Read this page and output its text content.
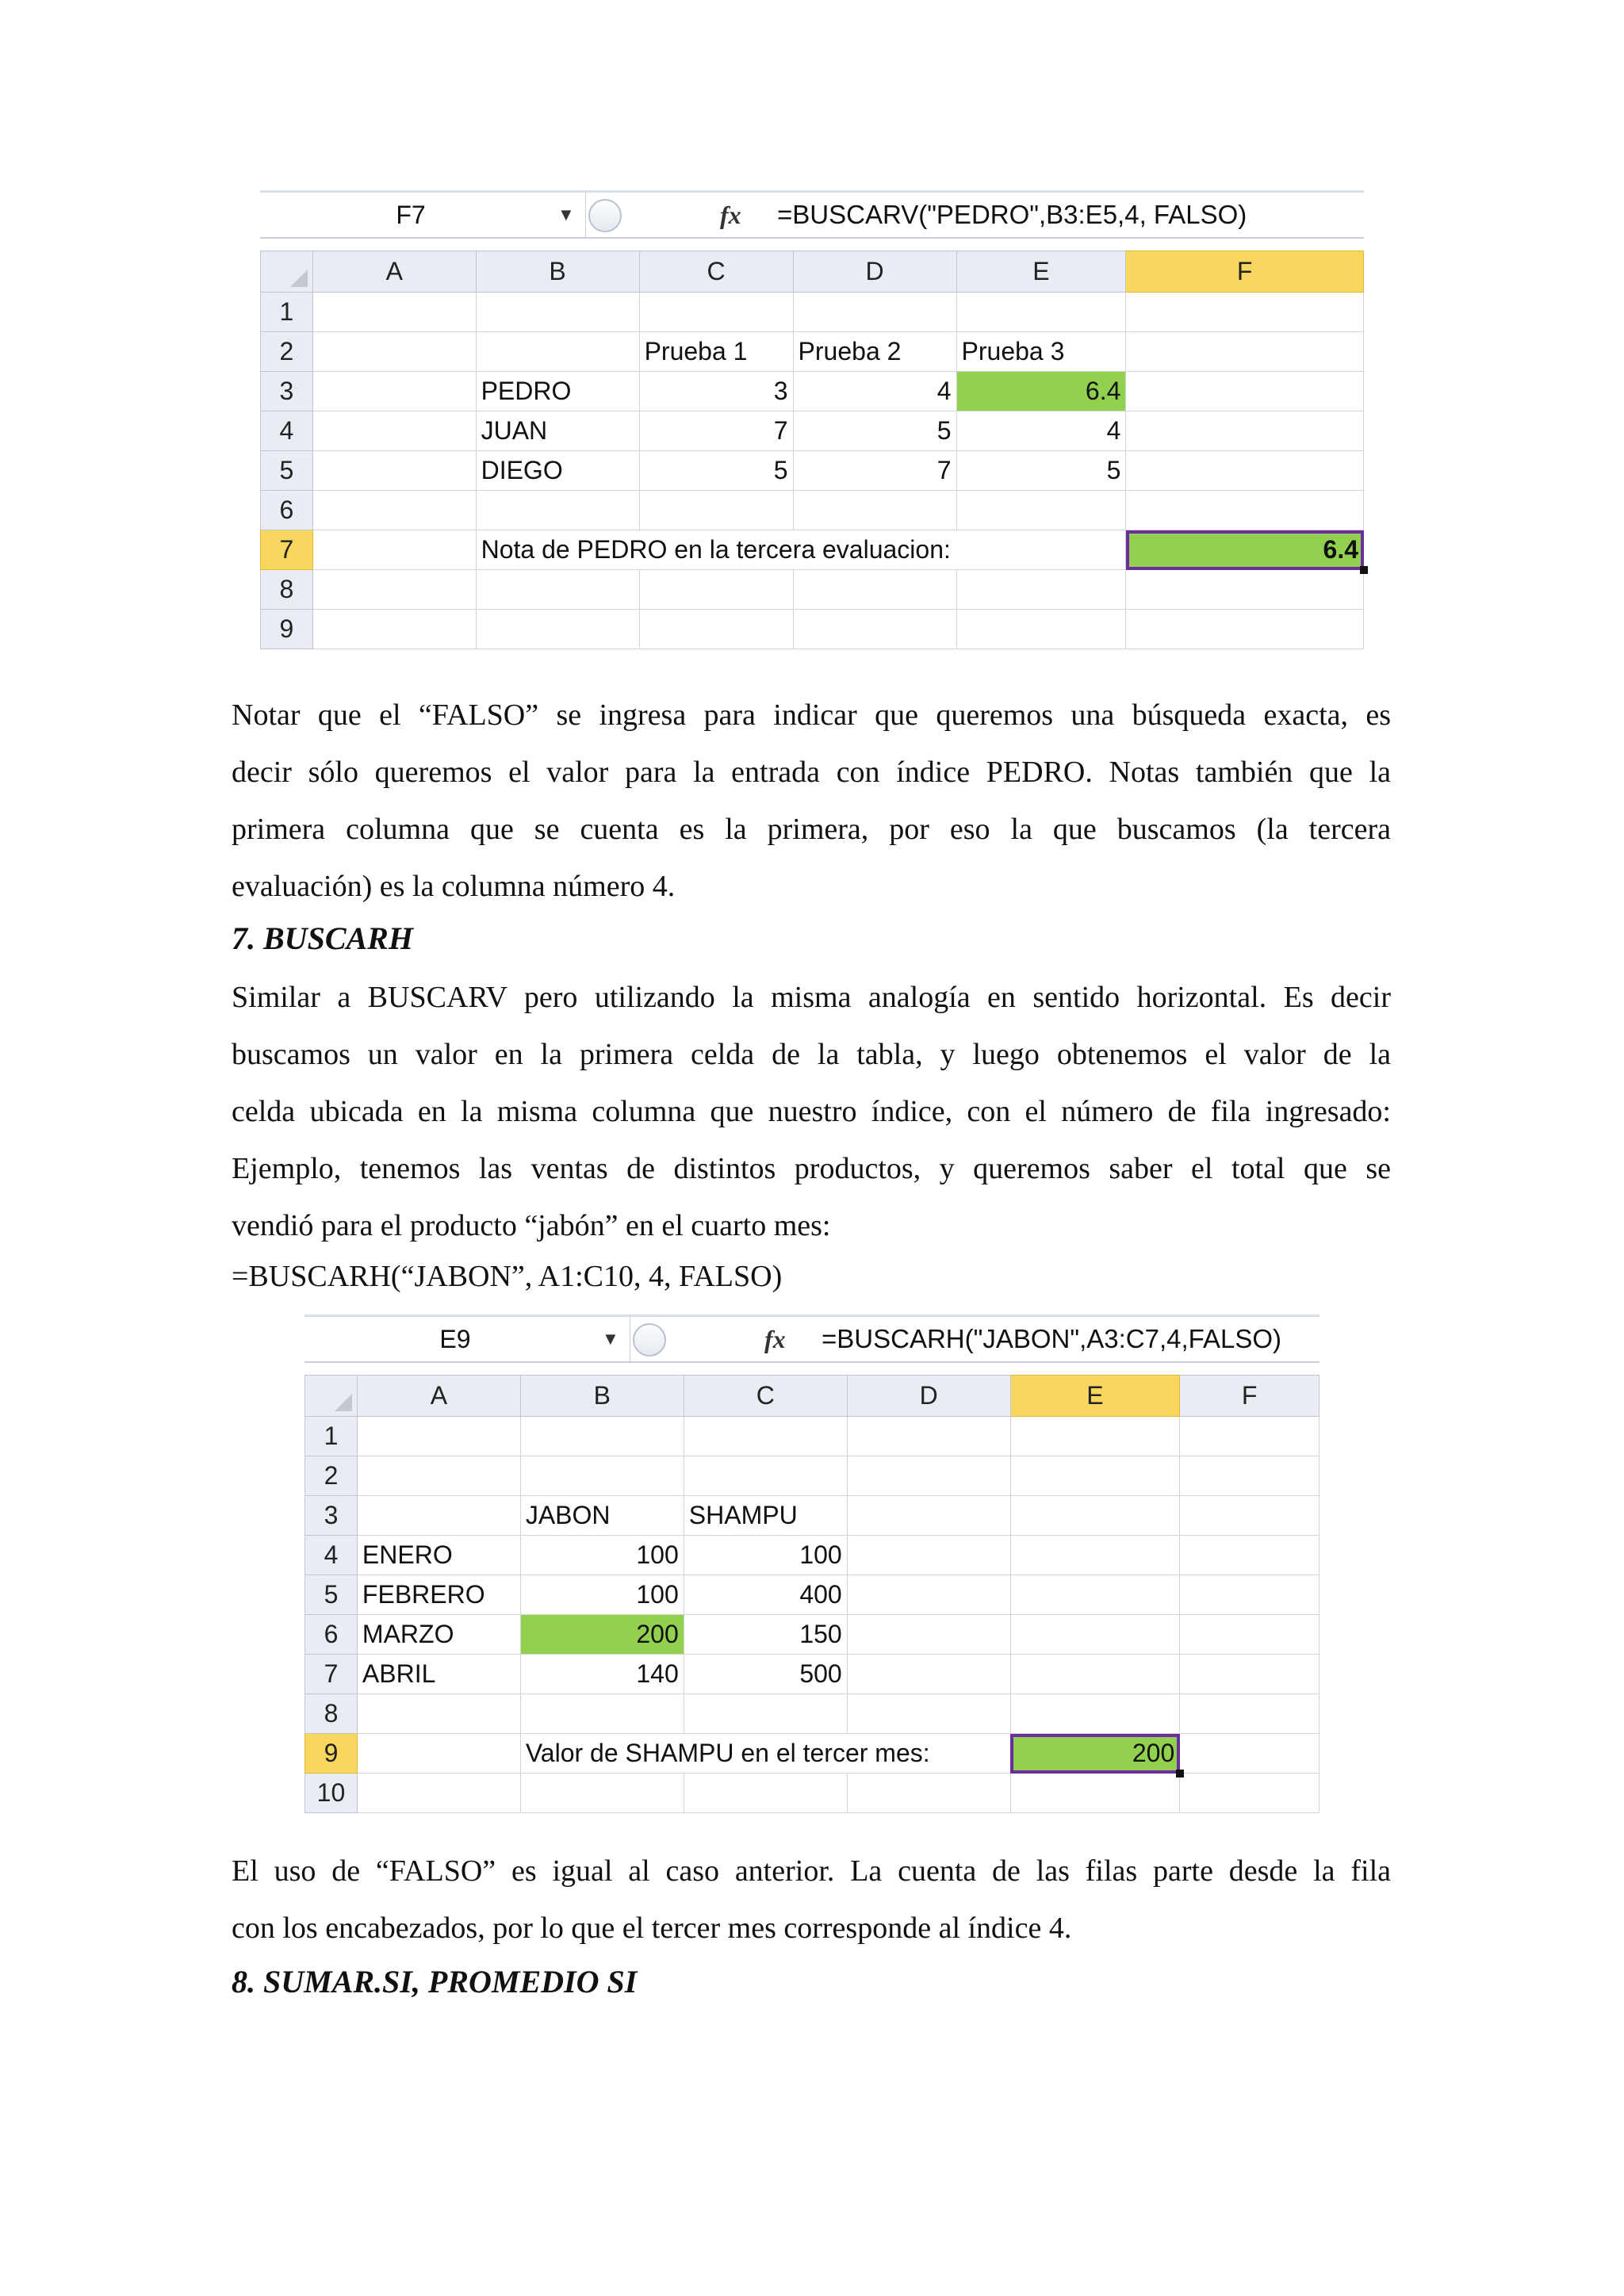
F7	▼	fx =BUSCARV("PEDRO",B3:E5,4, FALSO)
	A	B	C	D	E	F
1						
2			Prueba 1	Prueba 2	Prueba 3	
3		PEDRO	3	4	6.4	
4		JUAN	7	5	4	
5		DIEGO	5	7	5	
6						
7		Nota de PEDRO en la tercera evaluacion:				6.4

8						
9						
Notar que el “FALSO” se ingresa para indicar que queremos una búsqueda exacta, es
decir sólo queremos el valor para la entrada con índice PEDRO. Notas también que la
primera columna que se cuenta es la primera, por eso la que buscamos (la tercera
evaluación) es la columna número 4.
7. BUSCARH
Similar a BUSCARV pero utilizando la misma analogía en sentido horizontal. Es decir
buscamos un valor en la primera celda de la tabla, y luego obtenemos el valor de la
celda ubicada en la misma columna que nuestro índice, con el número de fila ingresado:
Ejemplo, tenemos las ventas de distintos productos, y queremos saber el total que se
vendió para el producto “jabón” en el cuarto mes:
=BUSCARH(“JABON”, A1:C10, 4, FALSO)
E9	▼	fx =BUSCARH("JABON",A3:C7,4,FALSO)
	A	B	C	D	E	F
1						
2						
3		JABON	SHAMPU			
4	ENERO	100	100			
5	FEBRERO	100	400			
6	MARZO	200	150			
7	ABRIL	140	500			
8						
9		Valor de SHAMPU en el tercer mes:			200

10						
El uso de “FALSO” es igual al caso anterior. La cuenta de las filas parte desde la fila
con los encabezados, por lo que el tercer mes corresponde al índice 4.
8. SUMAR.SI, PROMEDIO SI
